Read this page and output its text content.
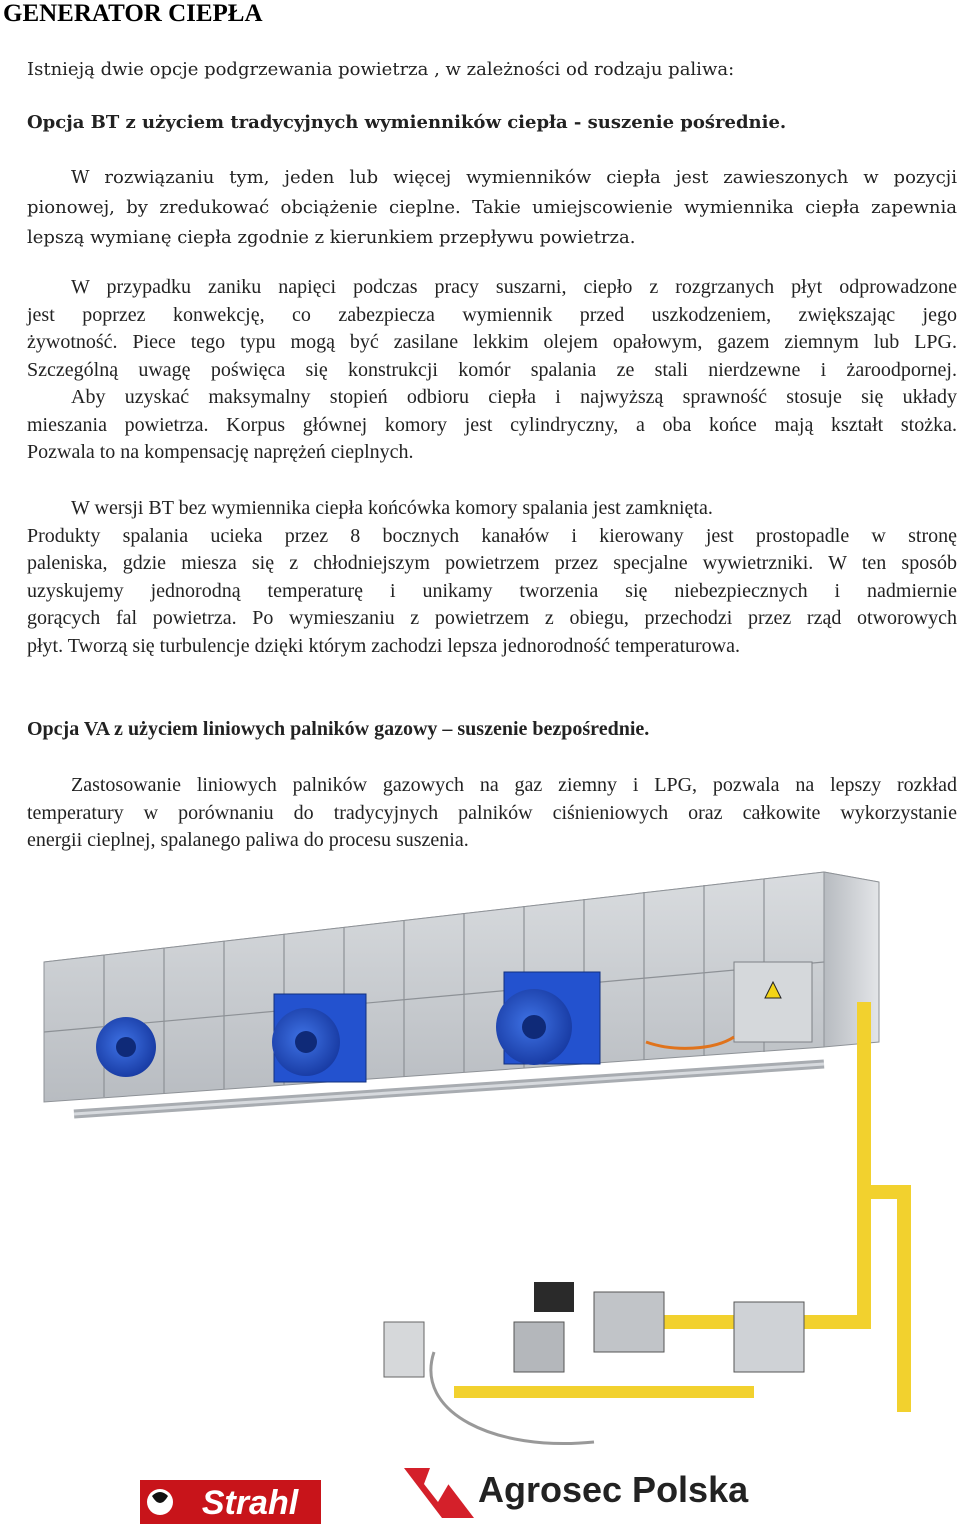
GENERATOR CIEPŁA

Istnieją dwie opcje podgrzewania powietrza , w zależności od rodzaju paliwa:

Opcja BT z użyciem tradycyjnych wymienników ciepła - suszenie pośrednie.

W rozwiązaniu tym, jeden lub więcej wymienników ciepła jest zawieszonych w pozycji
pionowej, by zredukować obciążenie cieplne. Takie umiejscowienie wymiennika ciepła zapewnia
lepszą wymianę ciepła zgodnie z kierunkiem przepływu powietrza.
W przypadku zaniku napięci podczas pracy suszarni, ciepło z rozgrzanych płyt odprowadzone
jest poprzez konwekcję, co zabezpiecza wymiennik przed uszkodzeniem, zwiększając jego
żywotność. Piece tego typu mogą być zasilane lekkim olejem opałowym, gazem ziemnym lub LPG.
Szczególną uwagę poświęca się konstrukcji komór spalania ze stali nierdzewne i żaroodpornej.
Aby uzyskać maksymalny stopień odbioru ciepła i najwyższą sprawność stosuje się układy
mieszania powietrza. Korpus głównej komory jest cylindryczny, a oba końce mają kształt stożka.
Pozwala to na kompensację naprężeń cieplnych.
W wersji BT bez wymiennika ciepła końcówka komory spalania jest zamknięta.
Produkty spalania ucieka przez 8 bocznych kanałów i kierowany jest prostopadle w stronę
paleniska, gdzie miesza się z chłodniejszym powietrzem przez specjalne wywietrzniki. W ten sposób
uzyskujemy jednorodną temperaturę i unikamy tworzenia się niebezpiecznych i nadmiernie
gorących fal powietrza. Po wymieszaniu z powietrzem z obiegu, przechodzi przez rząd otworowych
płyt. Tworzą się turbulencje dzięki którym zachodzi lepsza jednorodność temperaturowa.

Opcja VA z użyciem liniowych palników gazowy – suszenie bezpośrednie.

Zastosowanie liniowych palników gazowych na gaz ziemny i LPG, pozwala na lepszy rozkład
temperatury w porównaniu do tradycyjnych palników ciśnieniowych oraz całkowite wykorzystanie
energii cieplnej, spalanego paliwa do procesu suszenia.
Strahl	Agrosec Polska
